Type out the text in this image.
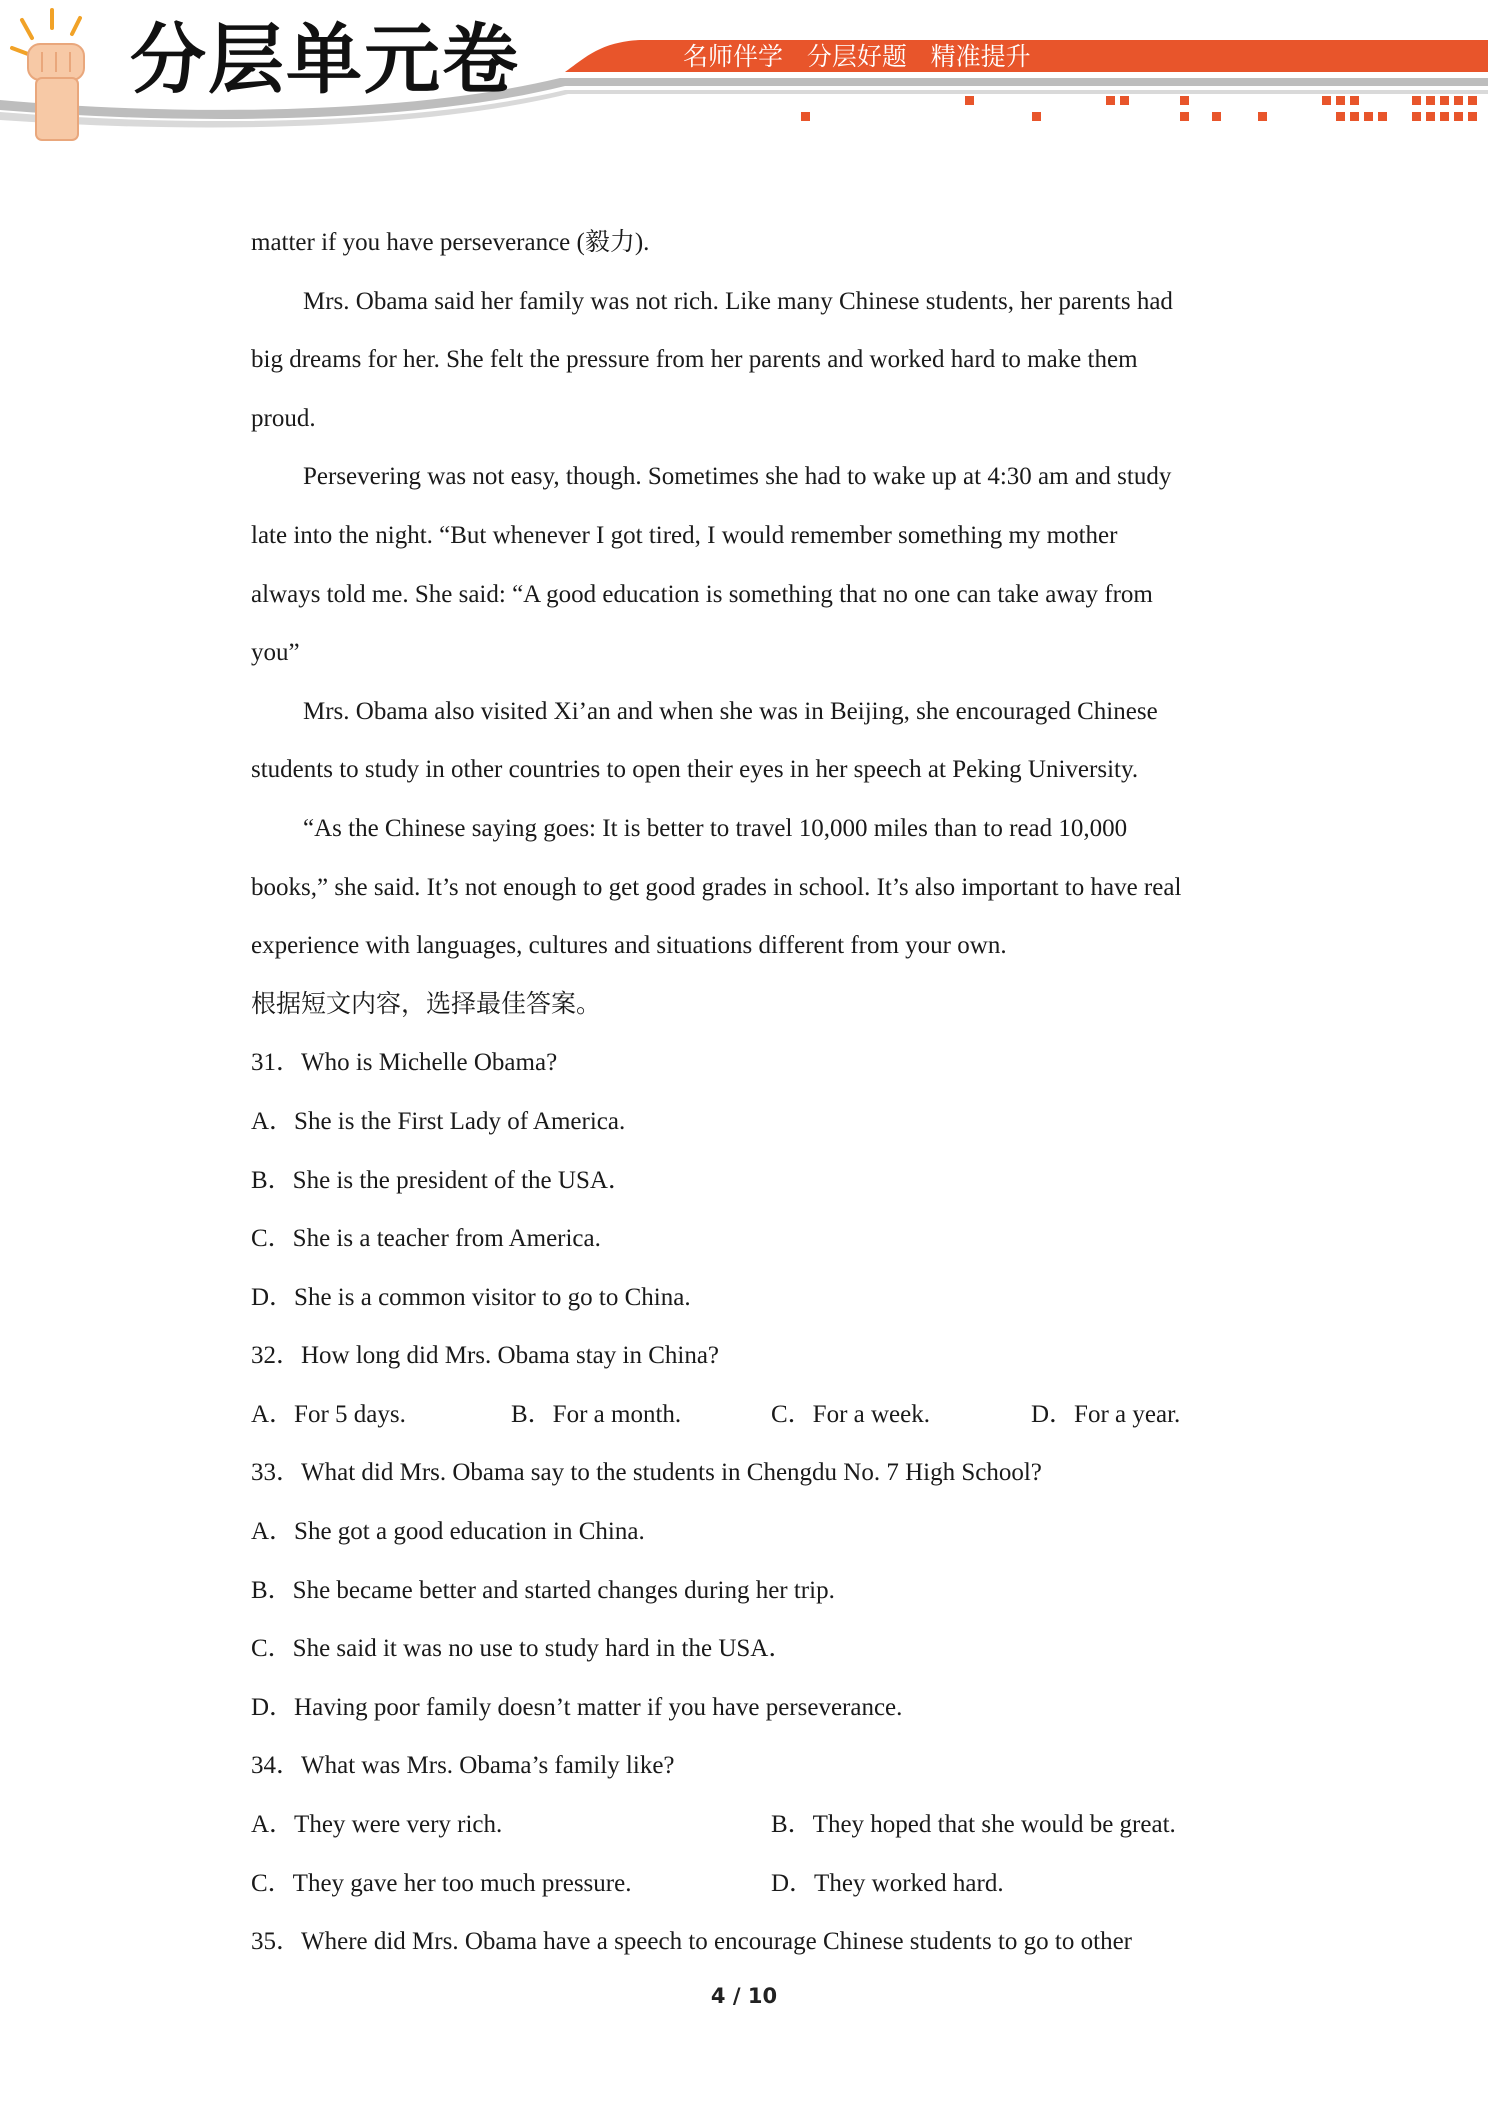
分层单元卷	名师伴学   分层好题   精准提升

matter if you have perseverance (毅力).

Mrs. Obama said her family was not rich. Like many Chinese students, her parents had

big dreams for her. She felt the pressure from her parents and worked hard to make them

proud.

Persevering was not easy, though. Sometimes she had to wake up at 4:30 am and study

late into the night. “But whenever I got tired, I would remember something my mother

always told me. She said: “A good education is something that no one can take away from

you”

Mrs. Obama also visited Xi’an and when she was in Beijing, she encouraged Chinese

students to study in other countries to open their eyes in her speech at Peking University.

“As the Chinese saying goes: It is better to travel 10,000 miles than to read 10,000

books,” she said. It’s not enough to get good grades in school. It’s also important to have real

experience with languages, cultures and situations different from your own.

根据短文内容，选择最佳答案。

31．Who is Michelle Obama?

A．She is the First Lady of America.

B．She is the president of the USA．

C．She is a teacher from America.

D．She is a common visitor to go to China.

32．How long did Mrs. Obama stay in China?

A．For 5 days.	B．For a month.	C．For a week.	D．For a year.

33．What did Mrs. Obama say to the students in Chengdu No. 7 High School?

A．She got a good education in China.

B．She became better and started changes during her trip.

C．She said it was no use to study hard in the USA．

D．Having poor family doesn’t matter if you have perseverance.

34．What was Mrs. Obama’s family like?

A．They were very rich.	B．They hoped that she would be great.
C．They gave her too much pressure.	D．They worked hard.

35．Where did Mrs. Obama have a speech to encourage Chinese students to go to other

4 / 10
